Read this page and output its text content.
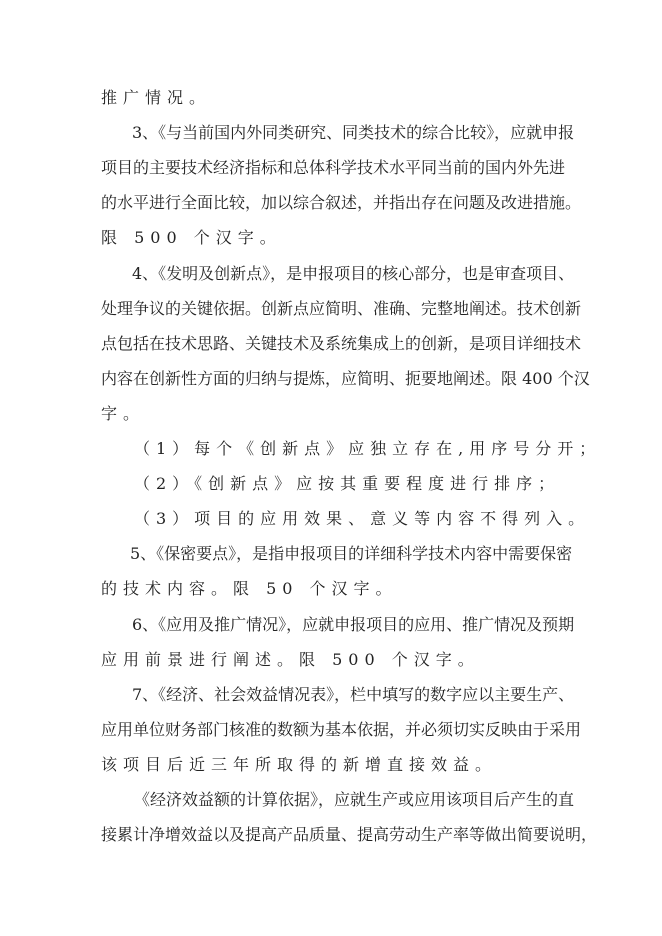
推广情况。
3、《与当前国内外同类研究、同类技术的综合比较》，应就申报
项目的主要技术经济指标和总体科学技术水平同当前的国内外先进
的水平进行全面比较，加以综合叙述，并指出存在问题及改进措施。
限 500 个汉字。
4、《发明及创新点》，是申报项目的核心部分，也是审查项目、
处理争议的关键依据。创新点应简明、准确、完整地阐述。技术创新
点包括在技术思路、关键技术及系统集成上的创新，是项目详细技术
内容在创新性方面的归纳与提炼，应简明、扼要地阐述。限 400 个汉
字。
（1）每个《创新点》应独立存在,用序号分开；
（2）《创新点》应按其重要程度进行排序；
（3）项目的应用效果、意义等内容不得列入。
5、《保密要点》，是指申报项目的详细科学技术内容中需要保密
的技术内容。限 50 个汉字。
6、《应用及推广情况》，应就申报项目的应用、推广情况及预期
应用前景进行阐述。限 500 个汉字。
7、《经济、社会效益情况表》，栏中填写的数字应以主要生产、
应用单位财务部门核准的数额为基本依据，并必须切实反映由于采用
该项目后近三年所取得的新增直接效益。
《经济效益额的计算依据》，应就生产或应用该项目后产生的直
接累计净增效益以及提高产品质量、提高劳动生产率等做出简要说明，
